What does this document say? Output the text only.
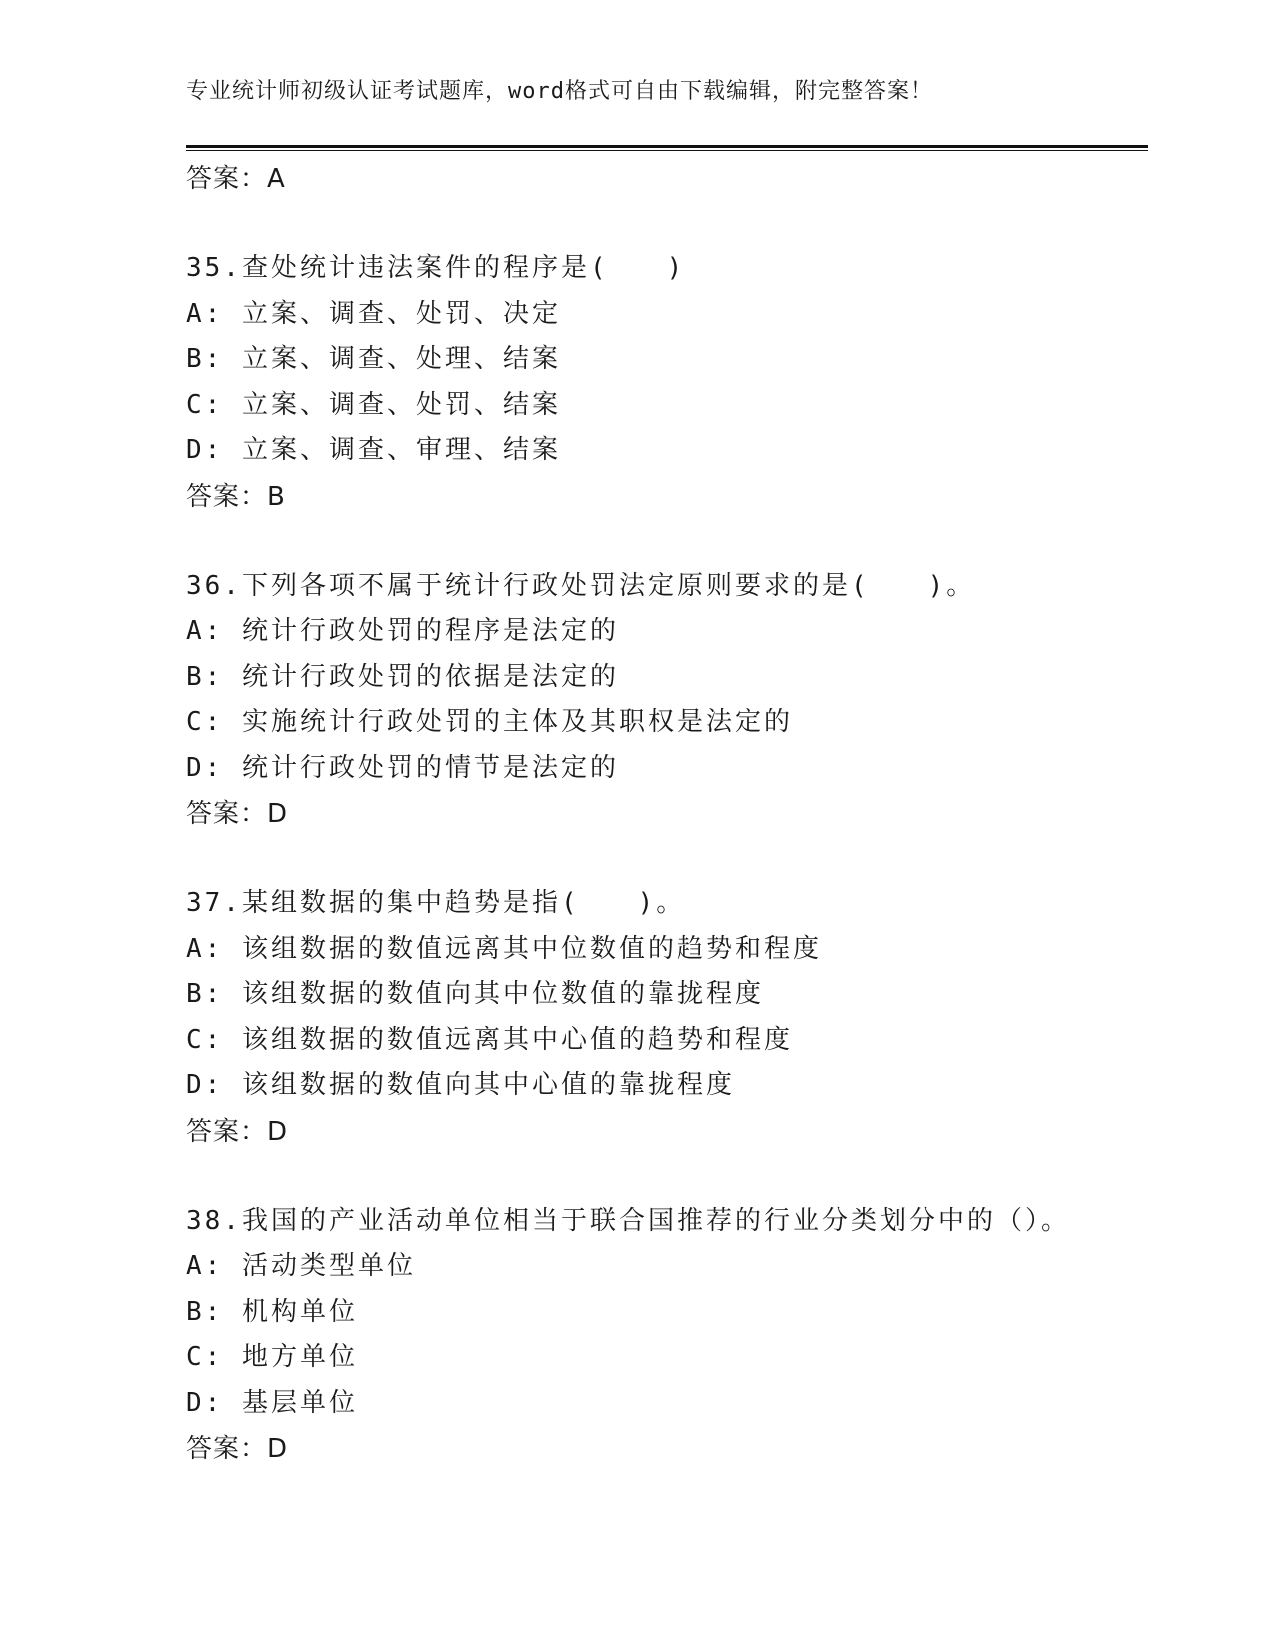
专业统计师初级认证考试题库，word格式可自由下载编辑，附完整答案！
答案：A
35.查处统计违法案件的程序是(　　)
A: 立案、调查、处罚、决定
B: 立案、调查、处理、结案
C: 立案、调查、处罚、结案
D: 立案、调查、审理、结案
答案：B
36.下列各项不属于统计行政处罚法定原则要求的是(　　)。
A: 统计行政处罚的程序是法定的
B: 统计行政处罚的依据是法定的
C: 实施统计行政处罚的主体及其职权是法定的
D: 统计行政处罚的情节是法定的
答案：D
37.某组数据的集中趋势是指(　　)。
A: 该组数据的数值远离其中位数值的趋势和程度
B: 该组数据的数值向其中位数值的靠拢程度
C: 该组数据的数值远离其中心值的趋势和程度
D: 该组数据的数值向其中心值的靠拢程度
答案：D
38.我国的产业活动单位相当于联合国推荐的行业分类划分中的（）。
A: 活动类型单位
B: 机构单位
C: 地方单位
D: 基层单位
答案：D
